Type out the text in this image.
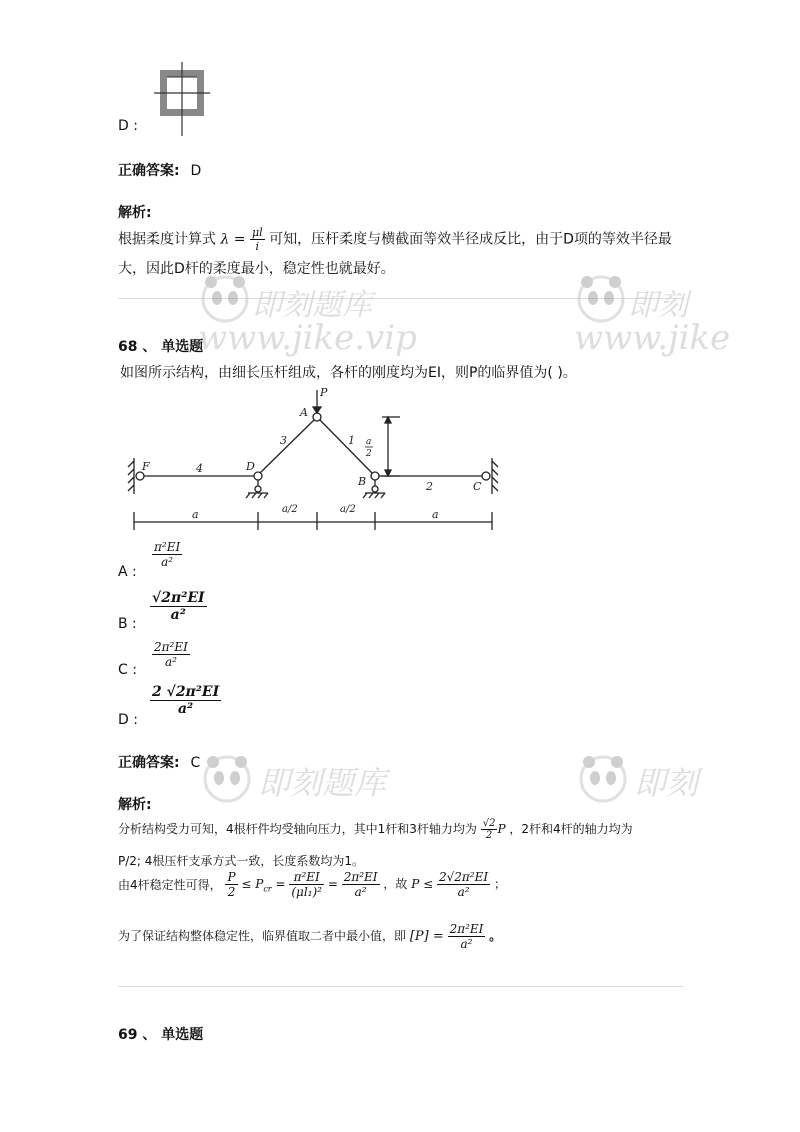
D :
正确答案: D
解析:
根据柔度计算式 $\lambda = \frac{\mu l}{i}$ 可知，压杆柔度与横截面等效半径成反比，由于D项的等效半径最
大，因此D杆的柔度最小，稳定性也就最好。
即刻题库
www.jike.vip
即刻
www.jike
即刻题库	即刻
68 、 单选题
如图所示结构，由细长压杆组成，各杆的刚度均为EI，则P的临界值为( )。
P
A
B	C
D
F
1
2
3
4
a
2
a	a/2	a/2	a
A :
$\frac{\text{π²EI}}{\text{a²}}$
B :
$\frac{\text{√2π²EI}}{\text{a²}}$
C :
$\frac{\text{2π²EI}}{\text{a²}}$
D :
$\frac{\text{2 √2π²EI}}{\text{a²}}$
正确答案: C
解析:
分析结构受力可知，4根杆件均受轴向压力，其中1杆和3杆轴力均为 $\frac{√2}{2}$ P ，2杆和4杆的轴力均为
P/2; 4根压杆支承方式一致，长度系数均为1。
由4杆稳定性可得， $\frac{P}{2} \le P_{cr} = \frac{\text{π²EI}}{\text{(μl₁)²}} = \frac{\text{2π²EI}}{\text{a²}}$ ，故 $P \le \frac{\text{2√2π²EI}}{\text{a²}}$ ；
为了保证结构整体稳定性，临界值取二者中最小值，即 $[P] = \frac{\text{2π²EI}}{\text{a²}}$ 。
69 、 单选题
